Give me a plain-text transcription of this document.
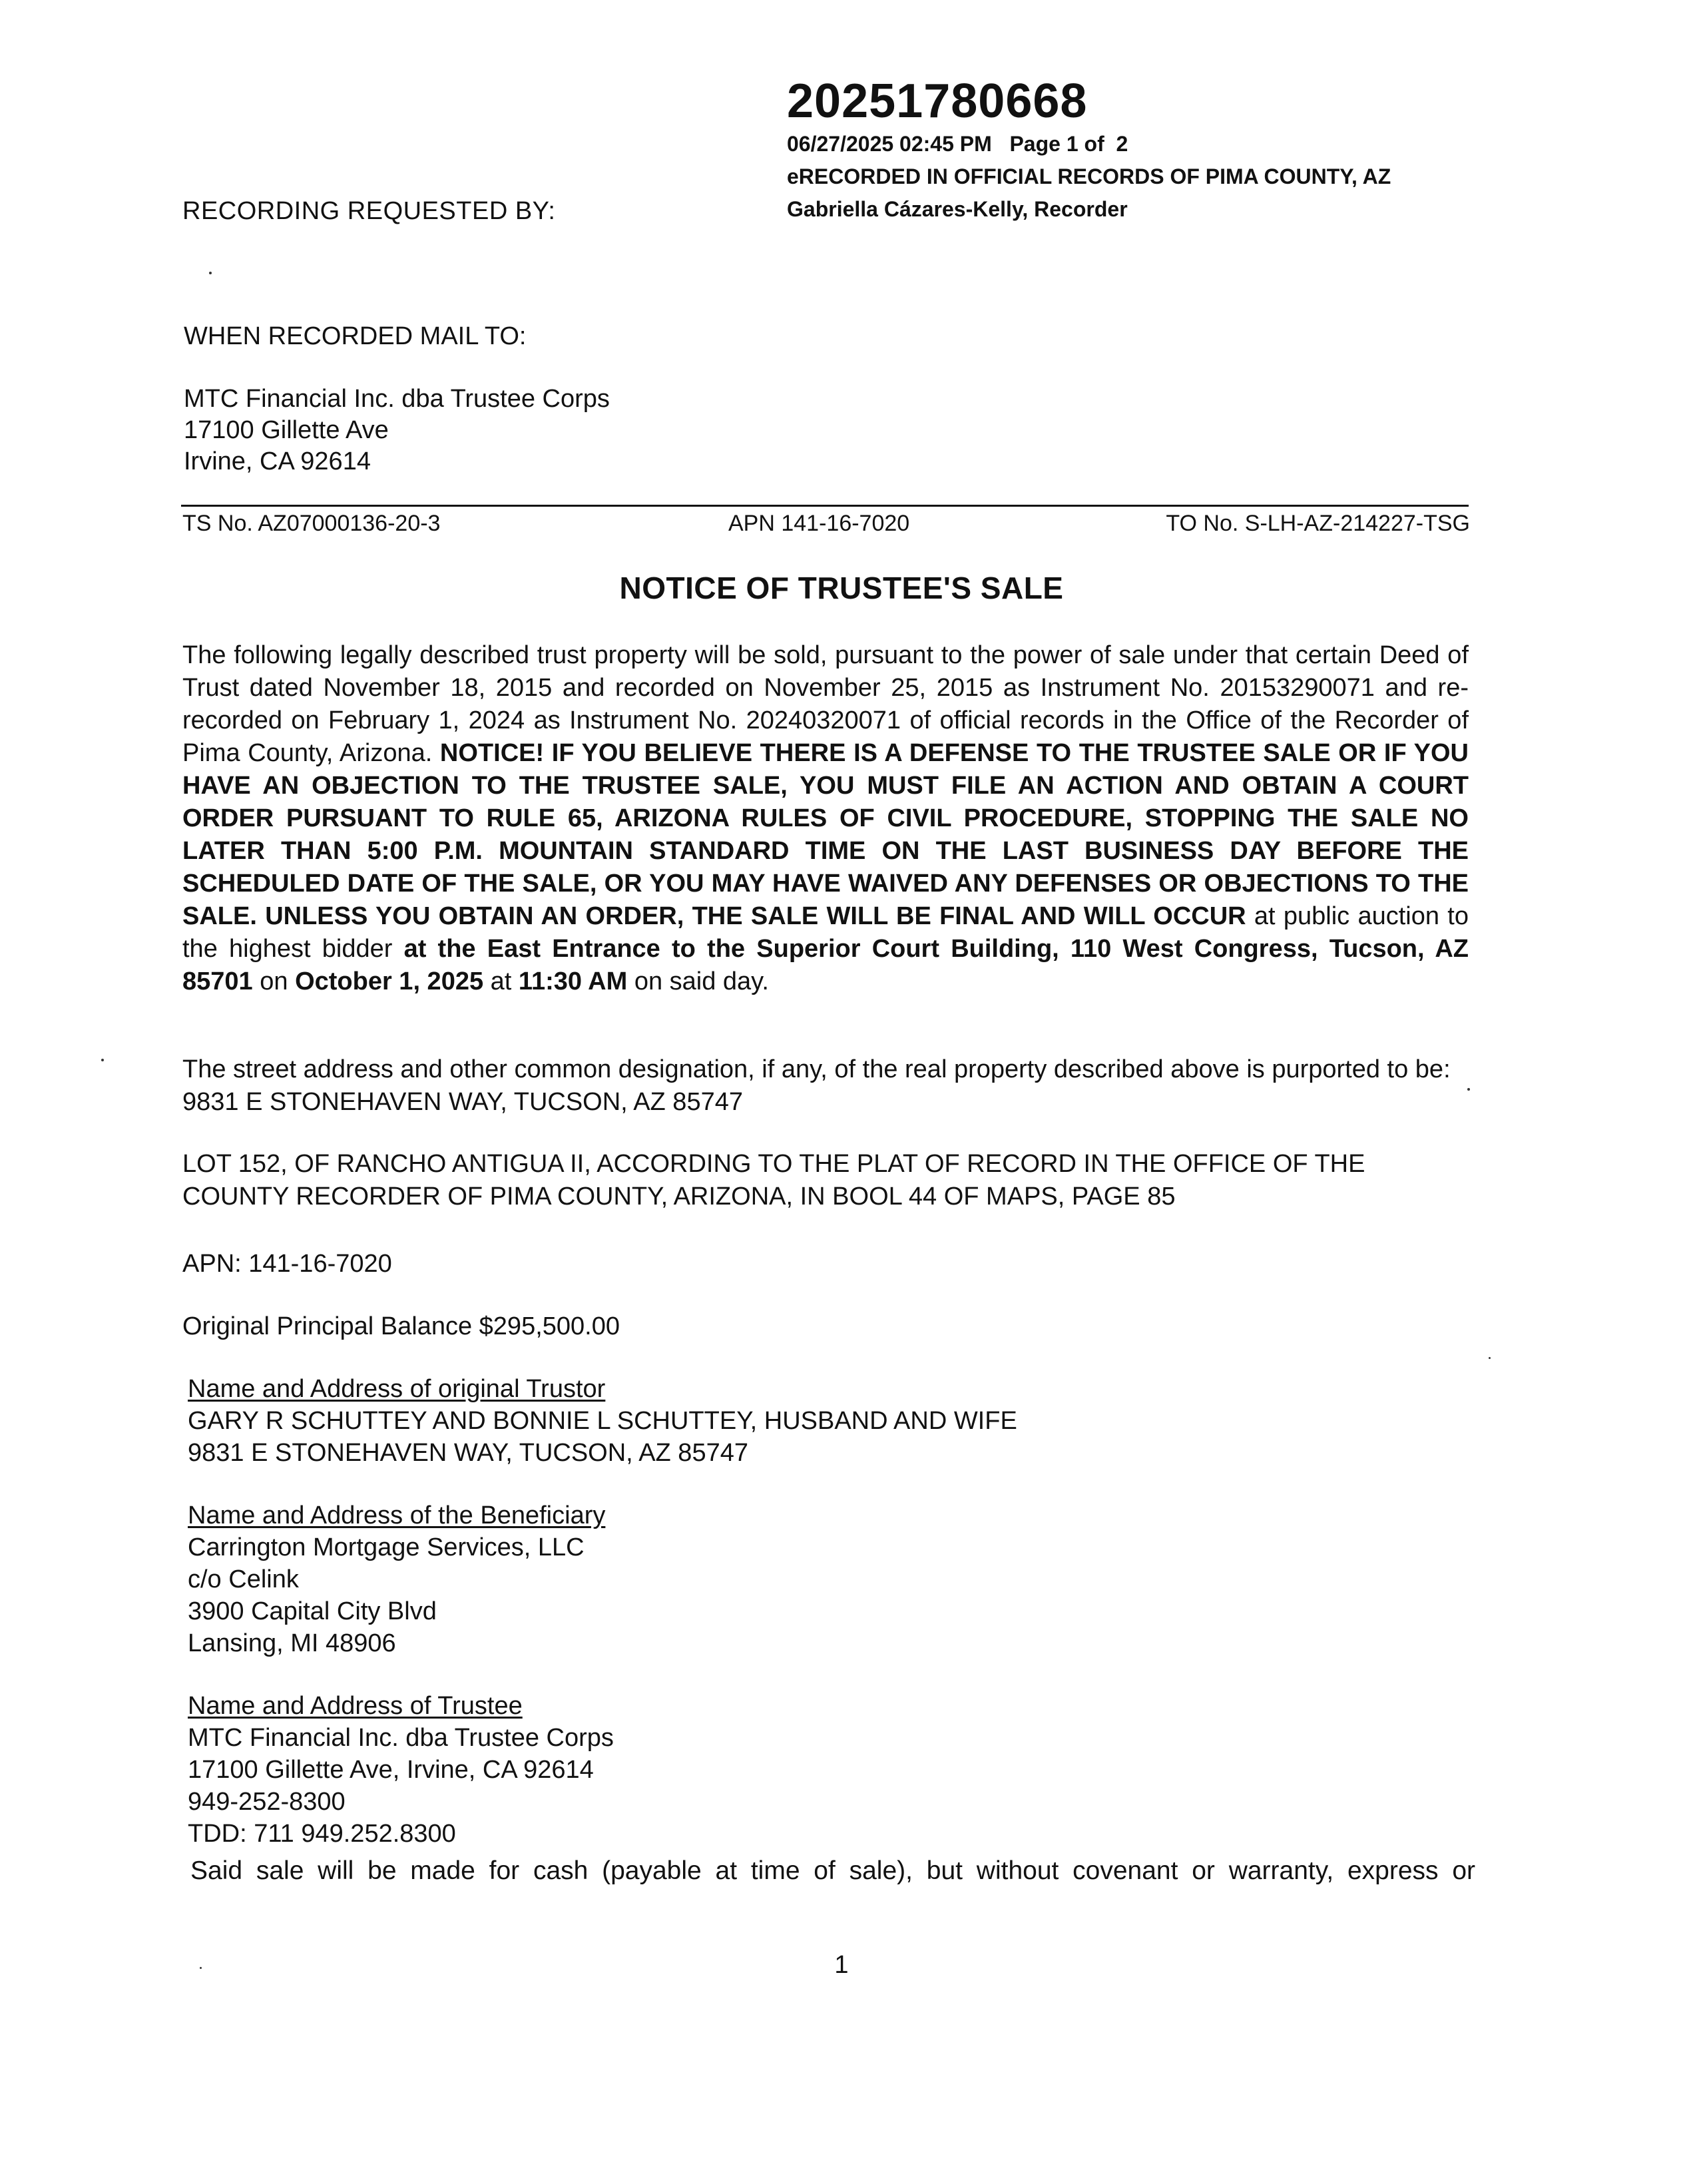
20251780668
06/27/2025 02:45 PM   Page 1 of  2
eRECORDED IN OFFICIAL RECORDS OF PIMA COUNTY, AZ
Gabriella Cázares-Kelly, Recorder
RECORDING REQUESTED BY:
WHEN RECORDED MAIL TO:
MTC Financial Inc. dba Trustee Corps
17100 Gillette Ave
Irvine, CA 92614
TS No. AZ07000136-20-3	APN 141-16-7020	TO No. S-LH-AZ-214227-TSG
NOTICE OF TRUSTEE'S SALE
The following legally described trust property will be sold, pursuant to the power of sale under that certain Deed of Trust dated November 18, 2015 and recorded on November 25, 2015 as Instrument No. 20153290071 and re-recorded on February 1, 2024 as Instrument No. 20240320071 of official records in the Office of the Recorder of Pima County, Arizona. NOTICE! IF YOU BELIEVE THERE IS A DEFENSE TO THE TRUSTEE SALE OR IF YOU HAVE AN OBJECTION TO THE TRUSTEE SALE, YOU MUST FILE AN ACTION AND OBTAIN A COURT ORDER PURSUANT TO RULE 65, ARIZONA RULES OF CIVIL PROCEDURE, STOPPING THE SALE NO LATER THAN 5:00 P.M. MOUNTAIN STANDARD TIME ON THE LAST BUSINESS DAY BEFORE THE SCHEDULED DATE OF THE SALE, OR YOU MAY HAVE WAIVED ANY DEFENSES OR OBJECTIONS TO THE SALE. UNLESS YOU OBTAIN AN ORDER, THE SALE WILL BE FINAL AND WILL OCCUR at public auction to the highest bidder at the East Entrance to the Superior Court Building, 110 West Congress, Tucson, AZ 85701 on October 1, 2025 at 11:30 AM on said day.
The street address and other common designation, if any, of the real property described above is purported to be: 9831 E STONEHAVEN WAY, TUCSON, AZ 85747
LOT 152, OF RANCHO ANTIGUA II, ACCORDING TO THE PLAT OF RECORD IN THE OFFICE OF THE COUNTY RECORDER OF PIMA COUNTY, ARIZONA, IN BOOL 44 OF MAPS, PAGE 85
APN: 141-16-7020
Original Principal Balance $295,500.00
Name and Address of original Trustor
GARY R SCHUTTEY AND BONNIE L SCHUTTEY, HUSBAND AND WIFE
9831 E STONEHAVEN WAY, TUCSON, AZ 85747
Name and Address of the Beneficiary
Carrington Mortgage Services, LLC
c/o Celink
3900 Capital City Blvd
Lansing, MI 48906
Name and Address of Trustee
MTC Financial Inc. dba Trustee Corps
17100 Gillette Ave, Irvine, CA 92614
949-252-8300
TDD: 711 949.252.8300
Said sale will be made for cash (payable at time of sale), but without covenant or warranty, express or
1
